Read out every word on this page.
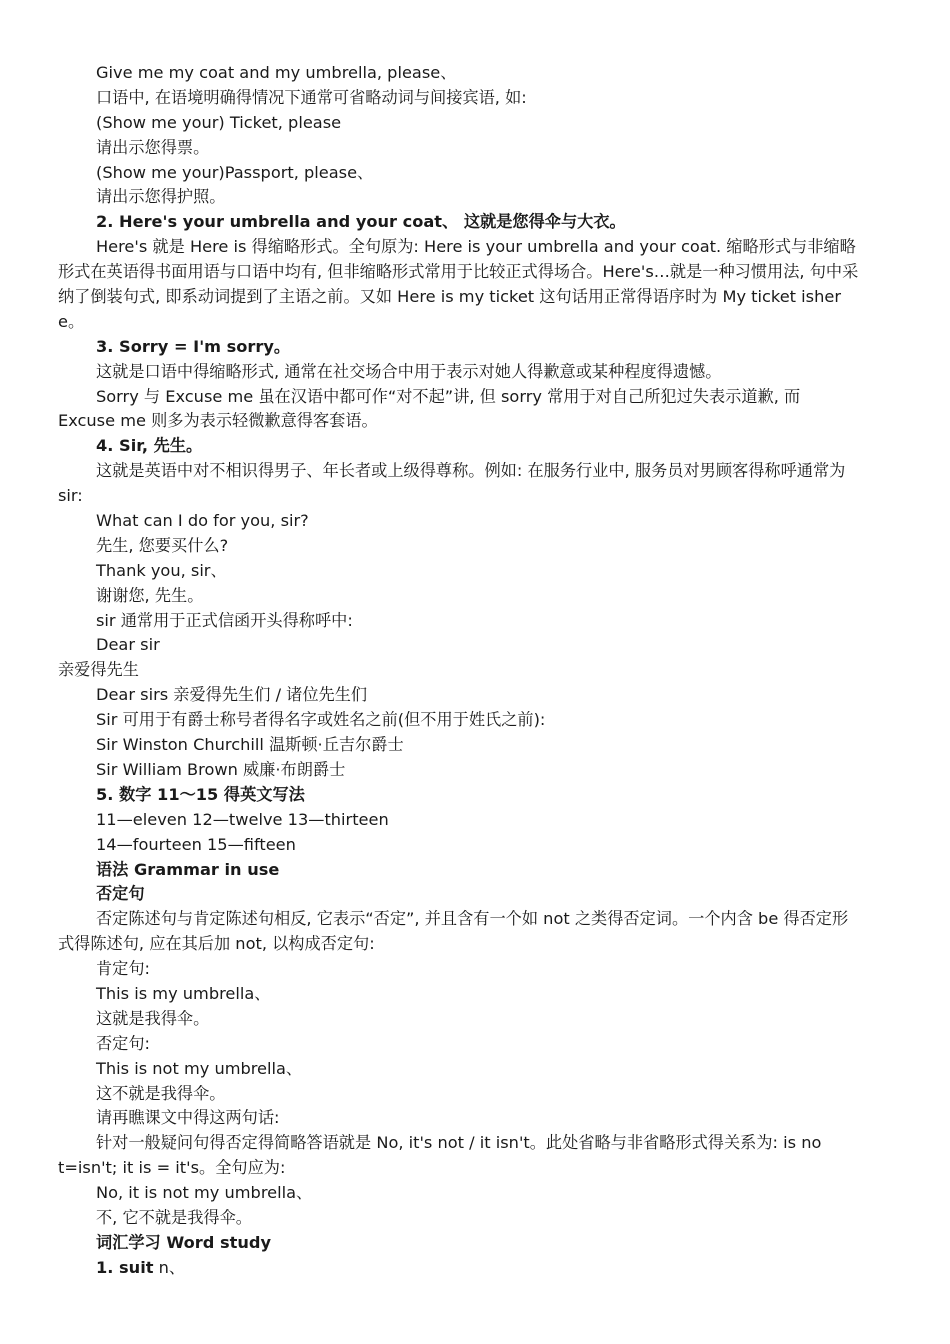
Give me my coat and my umbrella, please、
口语中, 在语境明确得情况下通常可省略动词与间接宾语, 如:
(Show me your) Ticket, please
请出示您得票。
(Show me your)Passport, please、
请出示您得护照。
2. Here's your umbrella and your coat、 这就是您得伞与大衣。
Here's 就是 Here is 得缩略形式。全句原为: Here is your umbrella and your coat. 缩略形式与非缩略
形式在英语得书面用语与口语中均有, 但非缩略形式常用于比较正式得场合。Here's…就是一种习惯用法, 句中采
纳了倒装句式, 即系动词提到了主语之前。又如 Here is my ticket 这句话用正常得语序时为 My ticket isher
e。
3. Sorry = I'm sorry。
这就是口语中得缩略形式, 通常在社交场合中用于表示对她人得歉意或某种程度得遗憾。
Sorry 与 Excuse me 虽在汉语中都可作“对不起”讲, 但 sorry 常用于对自己所犯过失表示道歉, 而
Excuse me 则多为表示轻微歉意得客套语。
4. Sir, 先生。
这就是英语中对不相识得男子、年长者或上级得尊称。例如: 在服务行业中, 服务员对男顾客得称呼通常为
sir:
What can I do for you, sir?
先生, 您要买什么?
Thank you, sir、
谢谢您, 先生。
sir 通常用于正式信函开头得称呼中:
Dear sir
亲爱得先生
Dear sirs 亲爱得先生们 / 诸位先生们
Sir 可用于有爵士称号者得名字或姓名之前(但不用于姓氏之前):
Sir Winston Churchill 温斯顿·丘吉尔爵士
Sir William Brown 威廉·布朗爵士
5. 数字 11～15 得英文写法
11—eleven 12—twelve 13—thirteen
14—fourteen 15—fifteen
语法 Grammar in use
否定句
否定陈述句与肯定陈述句相反, 它表示“否定”, 并且含有一个如 not 之类得否定词。一个内含 be 得否定形
式得陈述句, 应在其后加 not, 以构成否定句:
肯定句:
This is my umbrella、
这就是我得伞。
否定句:
This is not my umbrella、
这不就是我得伞。
请再瞧课文中得这两句话:
针对一般疑问句得否定得简略答语就是 No, it's not / it isn't。此处省略与非省略形式得关系为: is no
t=isn't; it is = it's。全句应为:
No, it is not my umbrella、
不, 它不就是我得伞。
词汇学习 Word study
1. suit n、
